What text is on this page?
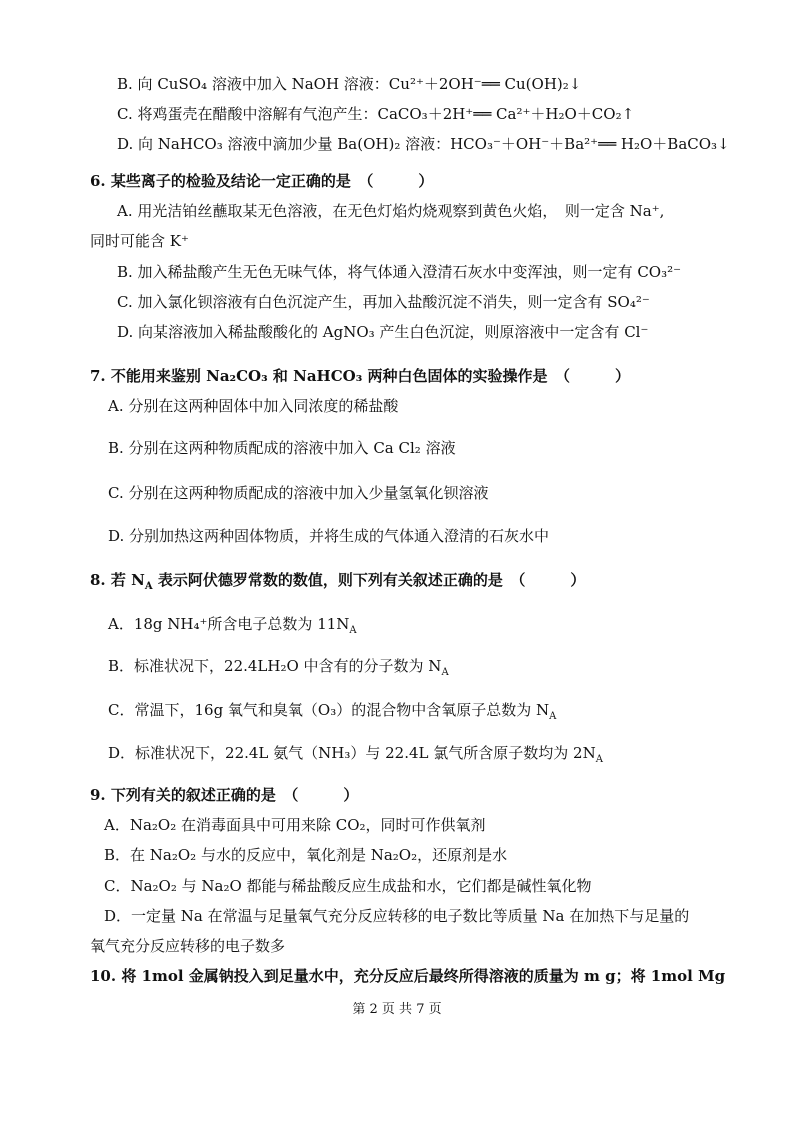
B. 向 CuSO₄ 溶液中加入 NaOH 溶液：Cu²⁺＋2OH⁻══ Cu(OH)₂↓
C. 将鸡蛋壳在醋酸中溶解有气泡产生：CaCO₃＋2H⁺══ Ca²⁺＋H₂O＋CO₂↑
D. 向 NaHCO₃ 溶液中滴加少量 Ba(OH)₂ 溶液：HCO₃⁻＋OH⁻＋Ba²⁺══ H₂O＋BaCO₃↓
6. 某些离子的检验及结论一定正确的是　（　　　）
A. 用光洁铂丝蘸取某无色溶液，在无色灯焰灼烧观察到黄色火焰，　则一定含 Na⁺,
同时可能含 K⁺
B. 加入稀盐酸产生无色无味气体，将气体通入澄清石灰水中变浑浊，则一定有 CO₃²⁻
C. 加入氯化钡溶液有白色沉淀产生，再加入盐酸沉淀不消失，则一定含有 SO₄²⁻
D. 向某溶液加入稀盐酸酸化的 AgNO₃ 产生白色沉淀，则原溶液中一定含有 Cl⁻
7. 不能用来鉴别 Na₂CO₃ 和 NaHCO₃ 两种白色固体的实验操作是　（　　　）
A. 分别在这两种固体中加入同浓度的稀盐酸
B. 分别在这两种物质配成的溶液中加入 Ca Cl₂ 溶液
C. 分别在这两种物质配成的溶液中加入少量氢氧化钡溶液
D. 分别加热这两种固体物质，并将生成的气体通入澄清的石灰水中
8. 若 $N_A$ 表示阿伏德罗常数的数值，则下列有关叙述正确的是　（　　　）
A．18g NH₄⁺所含电子总数为 $11N_A$
B．标准状况下，22.4LH₂O 中含有的分子数为 $N_A$
C．常温下，16g 氧气和臭氧（O₃）的混合物中含氧原子总数为 $N_A$
D．标准状况下，22.4L 氨气（NH₃）与 22.4L 氯气所含原子数均为 $2N_A$
9. 下列有关的叙述正确的是　（　　　）
A．Na₂O₂ 在消毒面具中可用来除 CO₂，同时可作供氧剂
B．在 Na₂O₂ 与水的反应中，氧化剂是 Na₂O₂，还原剂是水
C．Na₂O₂ 与 Na₂O 都能与稀盐酸反应生成盐和水，它们都是碱性氧化物
D．一定量 Na 在常温与足量氧气充分反应转移的电子数比等质量 Na 在加热下与足量的
氧气充分反应转移的电子数多
10. 将 1mol 金属钠投入到足量水中，充分反应后最终所得溶液的质量为 m g；将 1mol Mg
第 2 页 共 7 页
